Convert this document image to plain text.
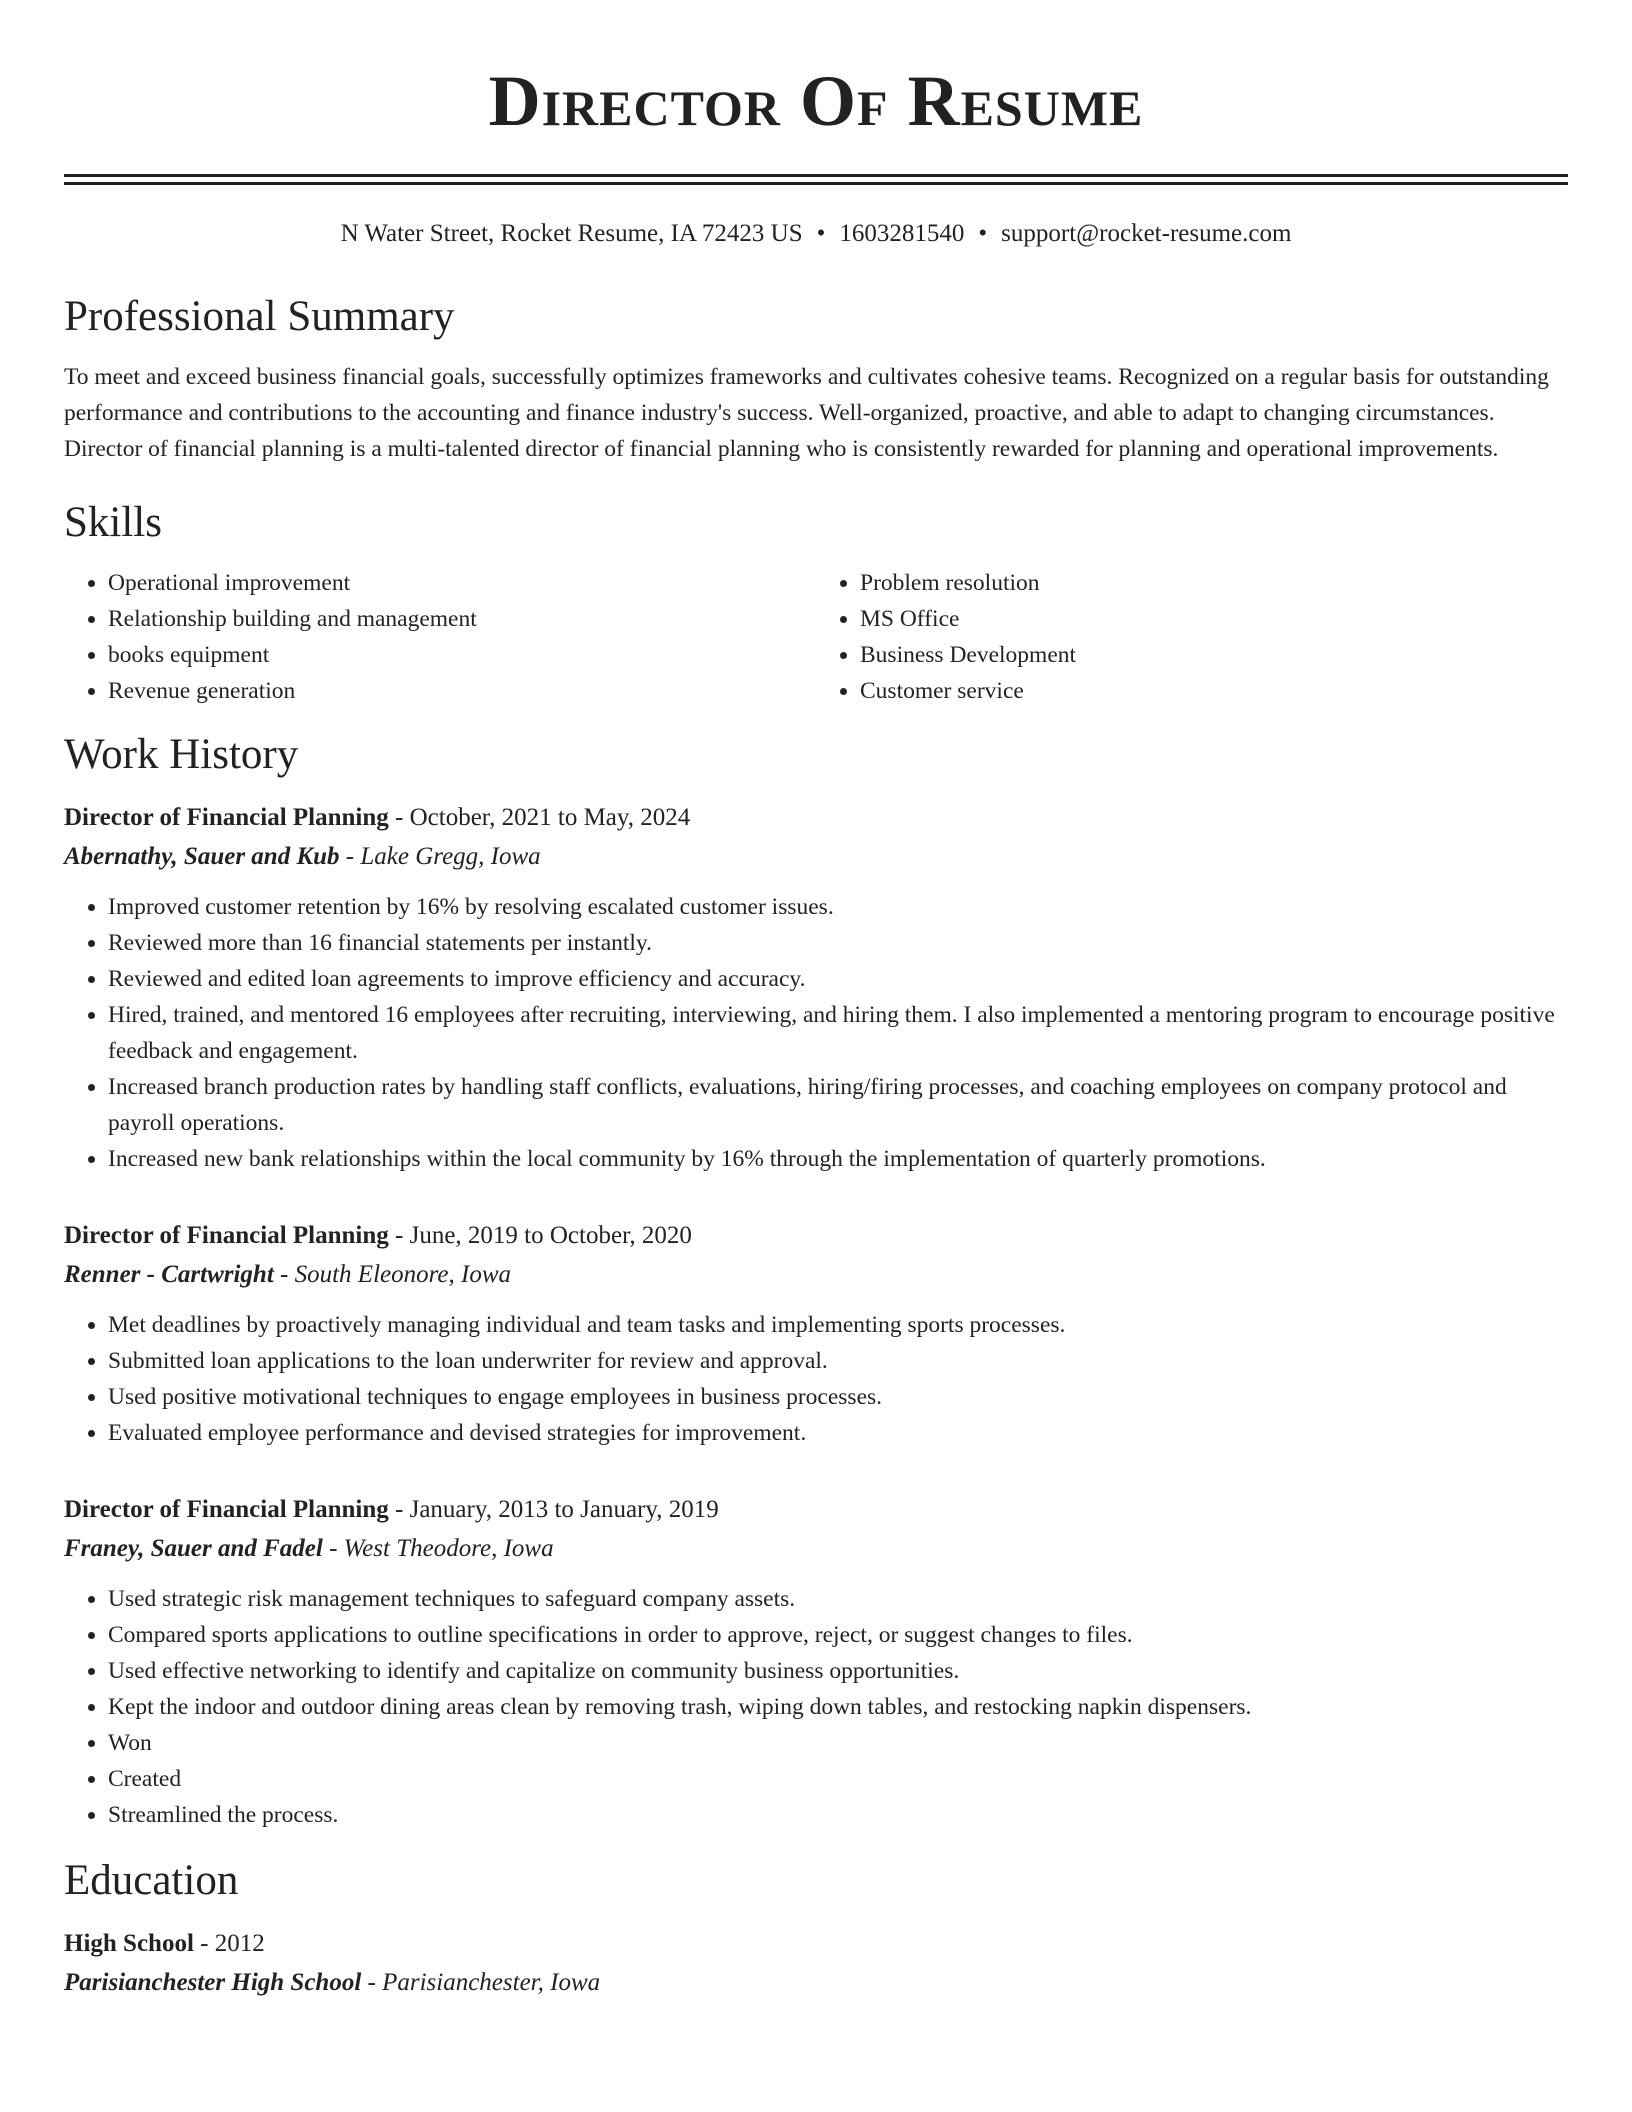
Director Of Resume
N Water Street, Rocket Resume, IA 72423 US • 1603281540 • support@rocket-resume.com
Professional Summary

To meet and exceed business financial goals, successfully optimizes frameworks and cultivates cohesive teams. Recognized on a regular basis for outstanding performance and contributions to the accounting and finance industry's success. Well-organized, proactive, and able to adapt to changing circumstances. Director of financial planning is a multi-talented director of financial planning who is consistently rewarded for planning and operational improvements.

Skills
• Operational improvement
• Relationship building and management
• books equipment
• Revenue generation
• Problem resolution
• MS Office
• Business Development
• Customer service
Work History
Director of Financial Planning - October, 2021 to May, 2024
Abernathy, Sauer and Kub - Lake Gregg, Iowa
• Improved customer retention by 16% by resolving escalated customer issues.
• Reviewed more than 16 financial statements per instantly.
• Reviewed and edited loan agreements to improve efficiency and accuracy.
• Hired, trained, and mentored 16 employees after recruiting, interviewing, and hiring them. I also implemented a mentoring program to encourage positive feedback and engagement.
• Increased branch production rates by handling staff conflicts, evaluations, hiring/firing processes, and coaching employees on company protocol and payroll operations.
• Increased new bank relationships within the local community by 16% through the implementation of quarterly promotions.
Director of Financial Planning - June, 2019 to October, 2020
Renner - Cartwright - South Eleonore, Iowa
• Met deadlines by proactively managing individual and team tasks and implementing sports processes.
• Submitted loan applications to the loan underwriter for review and approval.
• Used positive motivational techniques to engage employees in business processes.
• Evaluated employee performance and devised strategies for improvement.
Director of Financial Planning - January, 2013 to January, 2019
Franey, Sauer and Fadel - West Theodore, Iowa
• Used strategic risk management techniques to safeguard company assets.
• Compared sports applications to outline specifications in order to approve, reject, or suggest changes to files.
• Used effective networking to identify and capitalize on community business opportunities.
• Kept the indoor and outdoor dining areas clean by removing trash, wiping down tables, and restocking napkin dispensers.
• Won
• Created
• Streamlined the process.
Education
High School - 2012
Parisianchester High School - Parisianchester, Iowa
